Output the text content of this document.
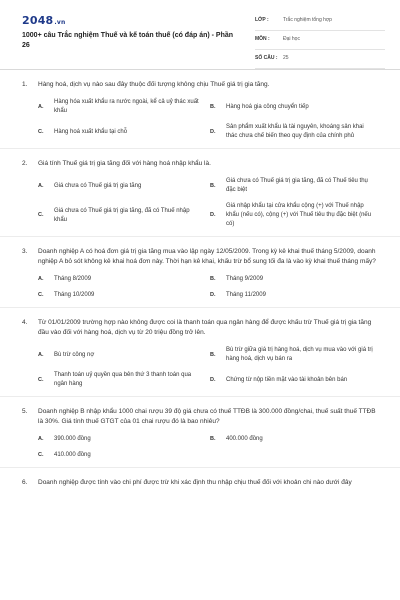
2048.vn
1000+ câu Trắc nghiệm Thuế và kế toán thuế (có đáp án) - Phần 26
LỚP :	Trắc nghiệm tổng hợp
MÔN :	Đại học
SỐ CÂU : 25
1. Hàng hoá, dịch vụ nào sau đây thuộc đối tượng không chịu Thuế giá trị gia tăng.
A.
Hàng hóa xuất khẩu ra nước ngoài, kể cả uỷ thác xuất khẩu
B.	Hàng hoá gia công chuyển tiếp
C.	Hàng hoá xuất khẩu tại chỗ	D.
Sản phẩm xuất khẩu là tài nguyên, khoáng sản khai thác chưa chế biến theo quy định của chính phủ
2. Giá tính Thuế giá trị gia tăng đối với hàng hoá nhập khẩu là.
A.	Giá chưa có Thuế giá trị gia tăng	B.
Giá chưa có Thuế giá trị gia tăng, đã có Thuế tiêu thụ đặc biệt
C.
Giá chưa có Thuế giá trị gia tăng, đã có Thuế nhập khẩu
D.
Giá nhập khẩu tại cửa khẩu cộng (+) với Thuế nhập khẩu (nếu có), cộng (+) với Thuế tiêu thụ đặc biệt (nếu có)
3. Doanh nghiệp A có hoá đơn giá trị gia tăng mua vào lập ngày 12/05/2009. Trong kỳ kê khai thuế tháng 5/2009, doanh nghiệp A bỏ sót không kê khai hoá đơn này. Thời hạn kê khai, khấu trừ bổ sung tối đa là vào kỳ khai thuế tháng mấy?
A.	Tháng 8/2009	B.	Tháng 9/2009
C.	Tháng 10/2009	D.	Tháng 11/2009
4. Từ 01/01/2009 trường hợp nào không được coi là thanh toán qua ngân hàng để được khấu trừ Thuế giá trị gia tăng đầu vào đối với hàng hoá, dịch vụ từ 20 triệu đồng trở lên.
A.	Bù trừ công nợ	B.
Bù trừ giữa giá trị hàng hoá, dịch vụ mua vào với giá trị hàng hoá, dịch vụ bán ra
C.
Thanh toán uỷ quyền qua bên thứ 3 thanh toán qua ngân hàng
D.	Chứng từ nộp tiền mặt vào tài khoản bên bán
5. Doanh nghiệp B nhập khẩu 1000 chai rượu 39 độ giá chưa có thuế TTĐB là 300.000 đồng/chai, thuế suất thuế TTĐB là 30%. Giá tính thuế GTGT của 01 chai rượu đó là bao nhiêu?
A.	390.000 đồng	B.	400.000 đồng
C.	410.000 đồng
6. Doanh nghiệp được tính vào chi phí được trừ khi xác định thu nhập chịu thuế đối với khoản chi nào dưới đây
